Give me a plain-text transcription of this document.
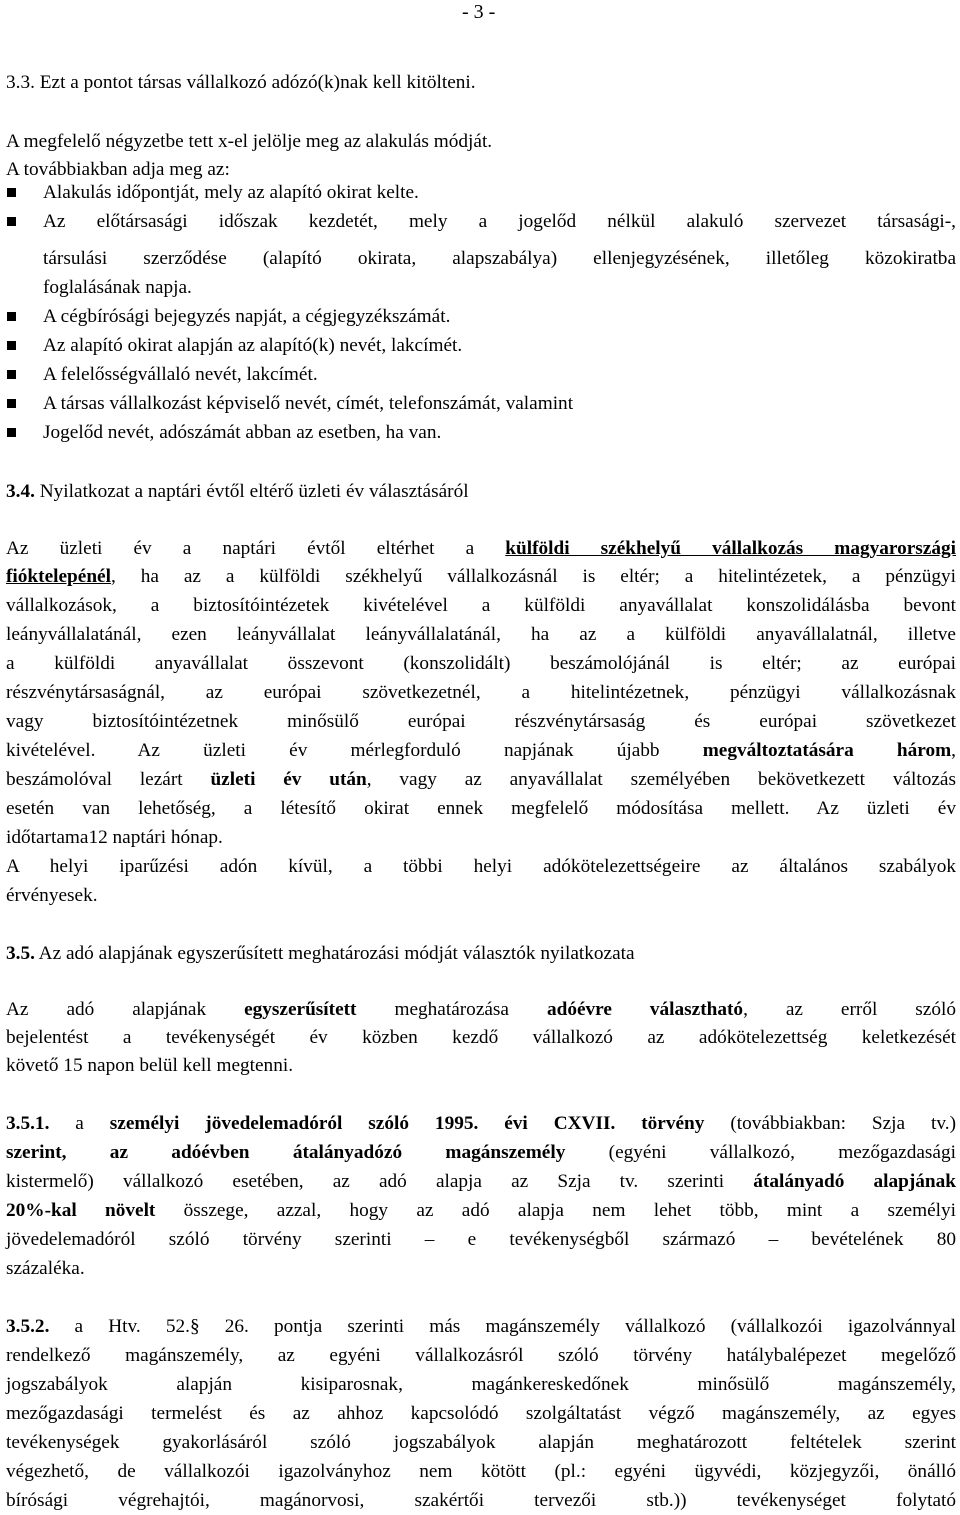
- 3 -
3.3. Ezt a pontot társas vállalkozó adózó(k)nak kell kitölteni.
A megfelelő négyzetbe tett x-el jelölje meg az alakulás módját.
A továbbiakban adja meg az:
Alakulás időpontját, mely az alapító okirat kelte.
Az előtársasági időszak kezdetét, mely a jogelőd nélkül alakuló szervezet társasági-,
társulási szerződése (alapító okirata, alapszabálya) ellenjegyzésének, illetőleg közokiratba
foglalásának napja.
A cégbírósági bejegyzés napját, a cégjegyzékszámát.
Az alapító okirat alapján az alapító(k) nevét, lakcímét.
A felelősségvállaló nevét, lakcímét.
A társas vállalkozást képviselő nevét, címét, telefonszámát, valamint
Jogelőd nevét, adószámát abban az esetben, ha van.
3.4. Nyilatkozat a naptári évtől eltérő üzleti év választásáról
Az üzleti év a naptári évtől eltérhet a külföldi székhelyű vállalkozás magyarországi
fióktelepénél, ha az a külföldi székhelyű vállalkozásnál is eltér; a hitelintézetek, a pénzügyi
vállalkozások, a biztosítóintézetek kivételével a külföldi anyavállalat konszolidálásba bevont
leányvállalatánál, ezen leányvállalat leányvállalatánál, ha az a külföldi anyavállalatnál, illetve
a külföldi anyavállalat összevont (konszolidált) beszámolójánál is eltér; az európai
részvénytársaságnál, az európai szövetkezetnél, a hitelintézetnek, pénzügyi vállalkozásnak
vagy biztosítóintézetnek minősülő európai részvénytársaság és európai szövetkezet
kivételével. Az üzleti év mérlegforduló napjának újabb megváltoztatására három,
beszámolóval lezárt üzleti év után, vagy az anyavállalat személyében bekövetkezett változás
esetén van lehetőség, a létesítő okirat ennek megfelelő módosítása mellett. Az üzleti év
időtartama12 naptári hónap.
A helyi iparűzési adón kívül, a többi helyi adókötelezettségeire az általános szabályok
érvényesek.
3.5. Az adó alapjának egyszerűsített meghatározási módját választók nyilatkozata
Az adó alapjának egyszerűsített meghatározása adóévre választható, az erről szóló
bejelentést a tevékenységét év közben kezdő vállalkozó az adókötelezettség keletkezését
követő 15 napon belül kell megtenni.
3.5.1. a személyi jövedelemadóról szóló 1995. évi CXVII. törvény (továbbiakban: Szja tv.)
szerint, az adóévben átalányadózó magánszemély (egyéni vállalkozó, mezőgazdasági
kistermelő) vállalkozó esetében, az adó alapja az Szja tv. szerinti átalányadó alapjának
20%-kal növelt összege, azzal, hogy az adó alapja nem lehet több, mint a személyi
jövedelemadóról szóló törvény szerinti – e tevékenységből származó – bevételének 80
százaléka.
3.5.2. a Htv. 52.§ 26. pontja szerinti más magánszemély vállalkozó (vállalkozói igazolvánnyal
rendelkező magánszemély, az egyéni vállalkozásról szóló törvény hatálybalépezet megelőző
jogszabályok alapján kisiparosnak, magánkereskedőnek minősülő magánszemély,
mezőgazdasági termelést és az ahhoz kapcsolódó szolgáltatást végző magánszemély, az egyes
tevékenységek gyakorlásáról szóló jogszabályok alapján meghatározott feltételek szerint
végezhető, de vállalkozói igazolványhoz nem kötött (pl.: egyéni ügyvédi, közjegyzői, önálló
bírósági végrehajtói, magánorvosi, szakértői tervezői stb.)) tevékenységet folytató
